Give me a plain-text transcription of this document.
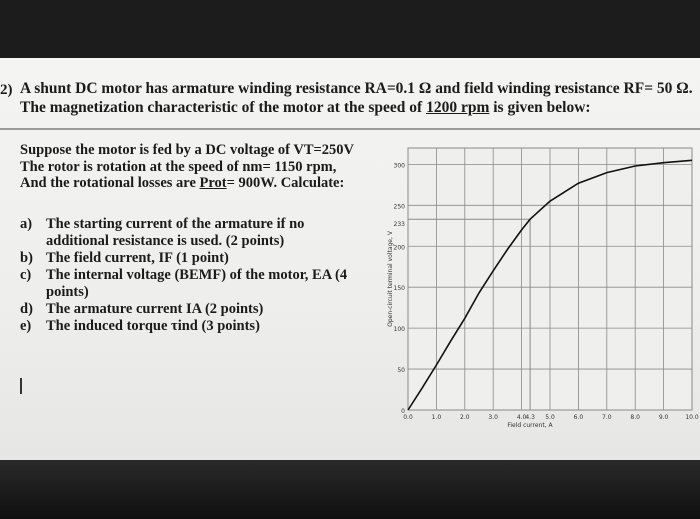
2) A shunt DC motor has armature winding resistance RA=0.1 Ω and field winding resistance RF= 50 Ω.
The magnetization characteristic of the motor at the speed of 1200 rpm is given below:
Suppose the motor is fed by a DC voltage of VT=250V
The rotor is rotation at the speed of nm= 1150 rpm,
And the rotational losses are Prot= 900W. Calculate:
a) The starting current of the armature if no additional resistance is used. (2 points)
b) The field current, IF (1 point)
c)	The internal voltage (BEMF) of the motor, EA (4 points)
d) The armature current IA (2 points)
e)	The induced torque τind (3 points)
0
50
100
150
200
233
250
300
0.0	1.0	2.0	3.0	4.0
4.3 5.0	6.0	7.0	8.0	9.0	10.0
Field current, A
Open-circuit terminal voltage, V
